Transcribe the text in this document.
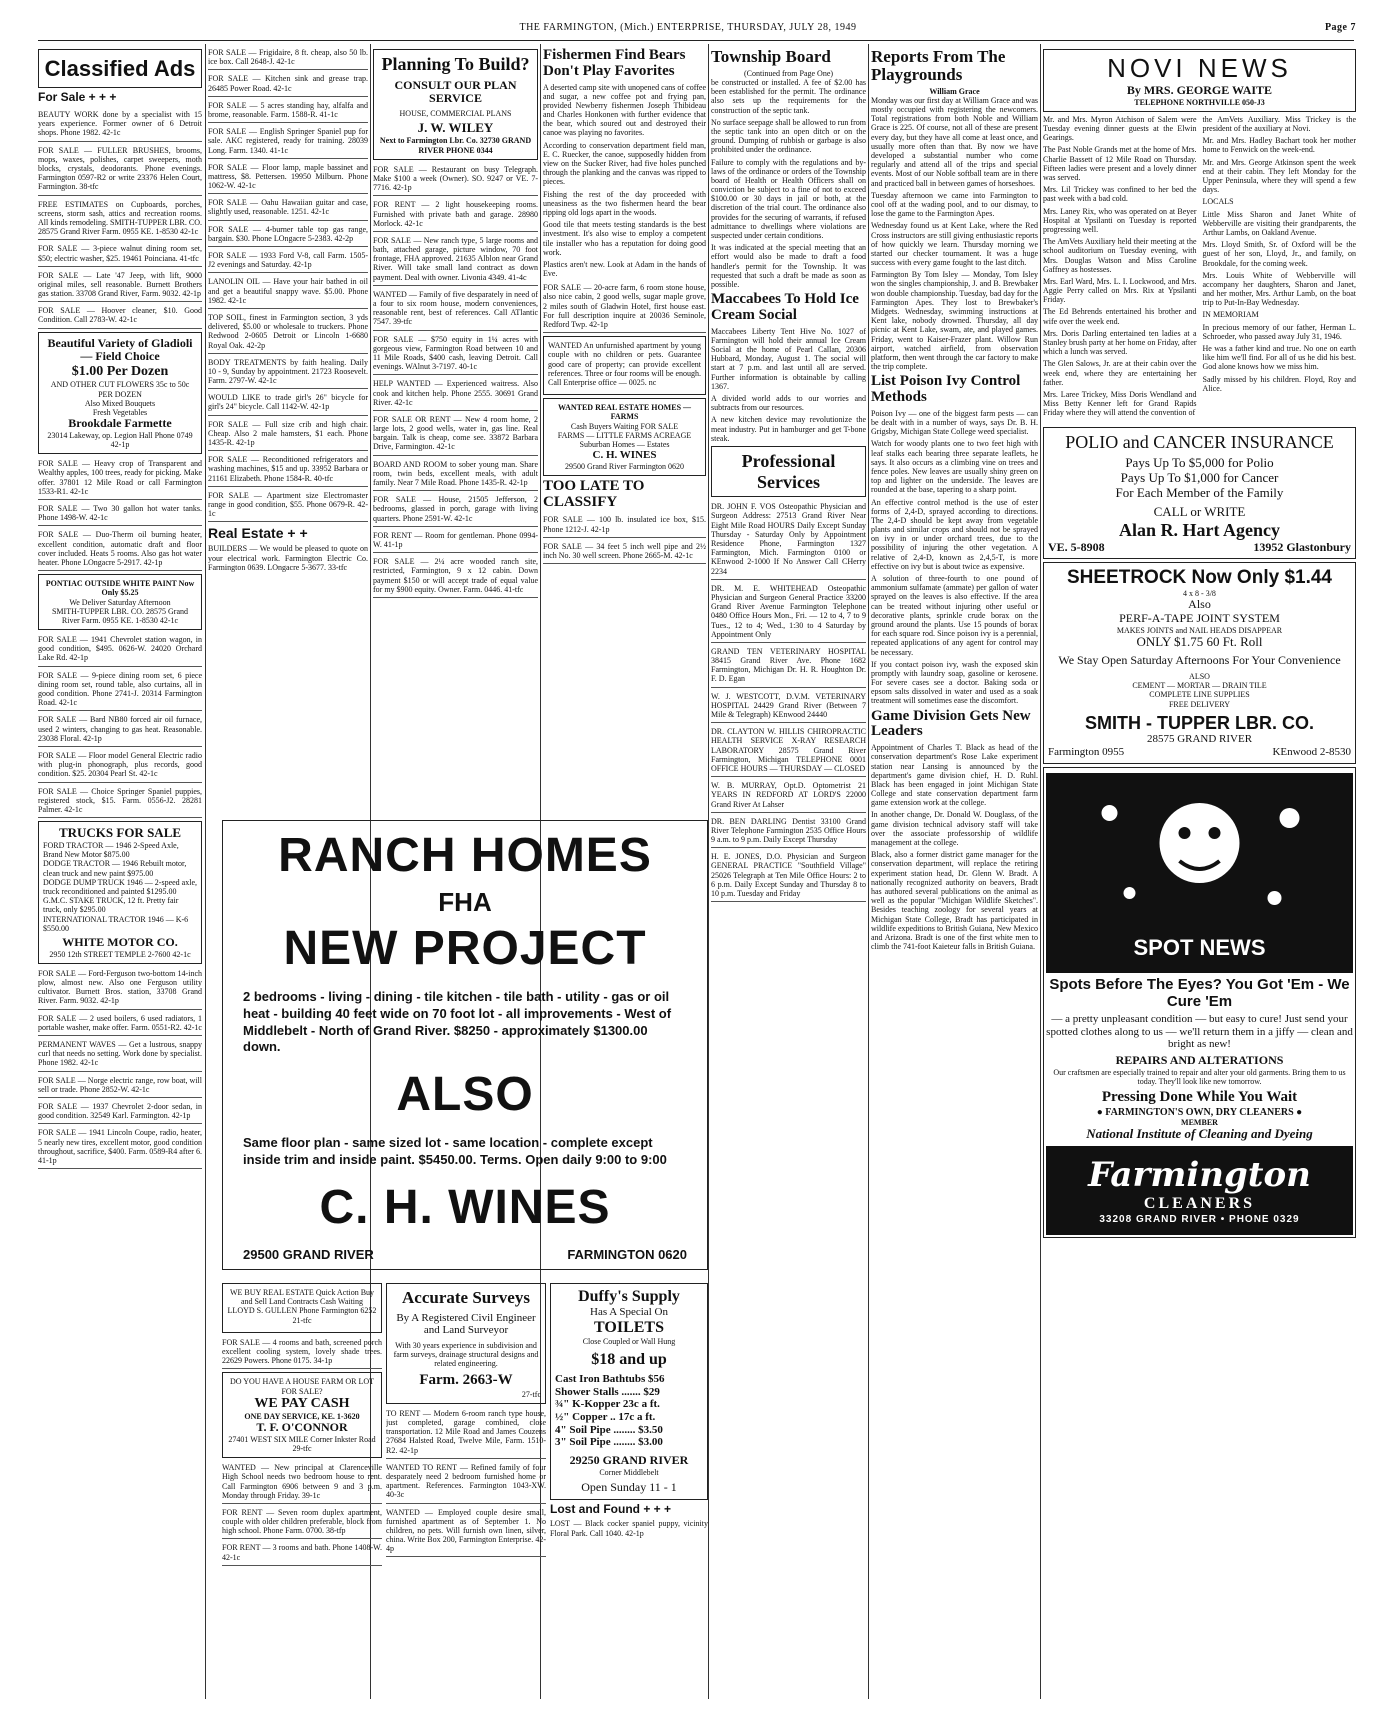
THE FARMINGTON, (Mich.) ENTERPRISE, THURSDAY, JULY 28, 1949	Page 7
Classified Ads
For Sale + + +

BEAUTY WORK done by a specialist with 15 years experience. Former owner of 6 Detroit shops. Phone 1982. 42-1c

FOR SALE — FULLER BRUSHES, brooms, mops, waxes, polishes, carpet sweepers, moth blocks, crystals, deodorants. Phone evenings. Farmington 0597-R2 or write 23376 Helen Court, Farmington. 38-tfc

FREE ESTIMATES on Cupboards, porches, screens, storm sash, attics and recreation rooms. All kinds remodeling. SMITH-TUPPER LBR. CO. 28575 Grand River Farm. 0955 KE. 1-8530 42-1c

FOR SALE — 3-piece walnut dining room set, $50; electric washer, $25. 19461 Poinciana. 41-tfc

FOR SALE — Late '47 Jeep, with lift, 9000 original miles, sell reasonable. Burnett Brothers gas station. 33708 Grand River, Farm. 9032. 42-1p

FOR SALE — Hoover cleaner, $10. Good Condition. Call 2783-W. 42-1c

Beautiful Variety of Gladioli — Field Choice
$1.00 Per Dozen
AND OTHER CUT FLOWERS 35c to 50c PER DOZEN
Also Mixed Bouquets
Fresh Vegetables
Brookdale Farmette
23014 Lakeway, op. Legion Hall Phone 0749 42-1p

FOR SALE — Heavy crop of Transparent and Wealthy apples, 100 trees, ready for picking. Make offer. 37801 12 Mile Road or call Farmington 1533-R1. 42-1c

FOR SALE — Two 30 gallon hot water tanks. Phone 1498-W. 42-1c

FOR SALE — Duo-Therm oil burning heater, excellent condition, automatic draft and floor cover included. Heats 5 rooms. Also gas hot water heater. Phone LOngacre 5-2917. 42-1p

PONTIAC OUTSIDE WHITE PAINT Now Only $5.25
We Deliver Saturday Afternoon
SMITH-TUPPER LBR. CO. 28575 Grand River Farm. 0955 KE. 1-8530 42-1c

FOR SALE — 1941 Chevrolet station wagon, in good condition, $495. 0626-W. 24020 Orchard Lake Rd. 42-1p

FOR SALE — 9-piece dining room set, 6 piece dining room set, round table, also curtains, all in good condition. Phone 2741-J. 20314 Farmington Road. 42-1c

FOR SALE — Bard NB80 forced air oil furnace, used 2 winters, changing to gas heat. Reasonable. 23038 Floral. 42-1p

FOR SALE — Floor model General Electric radio with plug-in phonograph, plus records, good condition. $25. 20304 Pearl St. 42-1c

FOR SALE — Choice Springer Spaniel puppies, registered stock, $15. Farm. 0556-J2. 28281 Palmer. 42-1c

TRUCKS FOR SALE
FORD TRACTOR — 1946 2-Speed Axle, Brand New Motor $875.00
DODGE TRACTOR — 1946 Rebuilt motor, clean truck and new paint $975.00
DODGE DUMP TRUCK 1946 — 2-speed axle, truck reconditioned and painted $1295.00
G.M.C. STAKE TRUCK, 12 ft. Pretty fair truck, only $295.00
INTERNATIONAL TRACTOR 1946 — K-6 $550.00
WHITE MOTOR CO.
2950 12th STREET TEMPLE 2-7600 42-1c

FOR SALE — Ford-Ferguson two-bottom 14-inch plow, almost new. Also one Ferguson utility cultivator. Burnett Bros. station, 33708 Grand River. Farm. 9032. 42-1p

FOR SALE — 2 used boilers, 6 used radiators, 1 portable washer, make offer. Farm. 0551-R2. 42-1c

PERMANENT WAVES — Get a lustrous, snappy curl that needs no setting. Work done by specialist. Phone 1982. 42-1c

FOR SALE — Norge electric range, row boat, will sell or trade. Phone 2852-W. 42-1c

FOR SALE — 1937 Chevrolet 2-door sedan, in good condition. 32549 Karl. Farmington. 42-1p

FOR SALE — 1941 Lincoln Coupe, radio, heater, 5 nearly new tires, excellent motor, good condition throughout, sacrifice, $400. Farm. 0589-R4 after 6. 41-1p

FOR SALE — Frigidaire, 8 ft. cheap, also 50 lb. ice box. Call 2648-J. 42-1c

FOR SALE — Kitchen sink and grease trap. 26485 Power Road. 42-1c

FOR SALE — 5 acres standing hay, alfalfa and brome, reasonable. Farm. 1588-R. 41-1c

FOR SALE — English Springer Spaniel pup for sale. AKC registered, ready for training. 28039 Long. Farm. 1340. 41-1c

FOR SALE — Floor lamp, maple bassinet and mattress, $8. Pettersen. 19950 Milburn. Phone 1062-W. 42-1c

FOR SALE — Oahu Hawaiian guitar and case, slightly used, reasonable. 1251. 42-1c

FOR SALE — 4-burner table top gas range, bargain. $30. Phone LOngacre 5-2383. 42-2p

FOR SALE — 1933 Ford V-8, call Farm. 1505-J2 evenings and Saturday. 42-1p

LANOLIN OIL — Have your hair bathed in oil and get a beautiful snappy wave. $5.00. Phone 1982. 42-1c

TOP SOIL, finest in Farmington section, 3 yds delivered, $5.00 or wholesale to truckers. Phone Redwood 2-0605 Detroit or Lincoln 1-6680 Royal Oak. 42-2p

BODY TREATMENTS by faith healing. Daily 10 - 9, Sunday by appointment. 21723 Roosevelt. Farm. 2797-W. 42-1c

WOULD LIKE to trade girl's 26" bicycle for girl's 24" bicycle. Call 1142-W. 42-1p

FOR SALE — Full size crib and high chair. Cheap. Also 2 male hamsters, $1 each. Phone 1435-R. 42-1p

FOR SALE — Reconditioned refrigerators and washing machines, $15 and up. 33952 Barbara or 21161 Elizabeth. Phone 1584-R. 40-tfc

FOR SALE — Apartment size Electromaster range in good condition, $55. Phone 0679-R. 42-1c

Real Estate + +

BUILDERS — We would be pleased to quote on your electrical work. Farmington Electric Co. Farmington 0639. LOngacre 5-3677. 33-tfc

Planning To Build?
CONSULT OUR PLAN SERVICE
HOUSE, COMMERCIAL PLANS
J. W. WILEY
Next to Farmington Lbr. Co. 32730 GRAND RIVER PHONE 0344

FOR SALE — Restaurant on busy Telegraph. Make $100 a week (Owner). SO. 9247 or VE. 7-7716. 42-1p

FOR RENT — 2 light housekeeping rooms. Furnished with private bath and garage. 28980 Morlock. 42-1c

FOR SALE — New ranch type, 5 large rooms and bath, attached garage, picture window, 70 foot frontage, FHA approved. 21635 Alblon near Grand River. Will take small land contract as down payment. Deal with owner. Livonia 4349. 41-4c

WANTED — Family of five desparately in need of a four to six room house, modern conveniences, reasonable rent, best of references. Call ATlantic 7547. 39-tfc

FOR SALE — $750 equity in 1¼ acres with gorgeous view, Farmington Road between 10 and 11 Mile Roads, $400 cash, leaving Detroit. Call evenings. WAlnut 3-7197. 40-1c

HELP WANTED — Experienced waitress. Also cook and kitchen help. Phone 2555. 30691 Grand River. 42-1c

FOR SALE OR RENT — New 4 room home, 2 large lots, 2 good wells, water in, gas line. Real bargain. Talk is cheap, come see. 33872 Barbara Drive, Farmington. 42-1c

BOARD AND ROOM to sober young man. Share room, twin beds, excellent meals, with adult family. Near 7 Mile Road. Phone 1435-R. 42-1p

FOR SALE — House, 21505 Jefferson, 2 bedrooms, glassed in porch, garage with living quarters. Phone 2591-W. 42-1c

FOR RENT — Room for gentleman. Phone 0994-W. 41-1p

FOR SALE — 2¼ acre wooded ranch site, restricted, Farmington, 9 x 12 cabin. Down payment $150 or will accept trade of equal value for my $900 equity. Owner. Farm. 0446. 41-tfc

Fishermen Find Bears Don't Play Favorites

A deserted camp site with unopened cans of coffee and sugar, a new coffee pot and frying pan, provided Newberry fishermen Joseph Thibideau and Charles Honkonen with further evidence that the bear, which soured out and destroyed their canoe was playing no favorites.

According to conservation department field man, E. C. Ruecker, the canoe, supposedly hidden from view on the Sucker River, had five holes punched through the planking and the canvas was ripped to pieces.

Fishing the rest of the day proceeded with uneasiness as the two fishermen heard the bear ripping old logs apart in the woods.

Good tile that meets testing standards is the best investment. It's also wise to employ a competent tile installer who has a reputation for doing good work.

Plastics aren't new. Look at Adam in the hands of Eve.

FOR SALE — 20-acre farm, 6 room stone house, also nice cabin, 2 good wells, sugar maple grove, 2 miles south of Gladwin Hotel, first house east. For full description inquire at 20036 Seminole, Redford Twp. 42-1p

WANTED An unfurnished apartment by young couple with no children or pets. Guarantee good care of property; can provide excellent references. Three or four rooms will be enough. Call Enterprise office — 0025. nc

WANTED REAL ESTATE HOMES — FARMS
Cash Buyers Waiting FOR SALE
FARMS — LITTLE FARMS ACREAGE
Suburban Homes — Estates
C. H. WINES
29500 Grand River Farmington 0620
TOO LATE TO CLASSIFY

FOR SALE — 100 lb. insulated ice box, $15. Phone 1212-J. 42-1p

FOR SALE — 34 feet 5 inch well pipe and 2½ inch No. 30 well screen. Phone 2665-M. 42-1c

RANCH HOMES
FHA
NEW PROJECT
2 bedrooms - living - dining - tile kitchen - tile bath - utility - gas or oil heat - building 40 feet wide on 70 foot lot - all improvements - West of Middlebelt - North of Grand River. $8250 - approximately $1300.00 down.
ALSO
Same floor plan - same sized lot - same location - complete except inside trim and inside paint. $5450.00. Terms. Open daily 9:00 to 9:00
C. H. WINES
29500 GRAND RIVER	FARMINGTON 0620

WE BUY REAL ESTATE Quick Action Buy and Sell Land Contracts Cash Waiting LLOYD S. GULLEN Phone Farmington 6252 21-tfc

FOR SALE — 4 rooms and bath, screened porch excellent cooling system, lovely shade trees. 22629 Powers. Phone 0175. 34-1p

DO YOU HAVE A HOUSE FARM OR LOT FOR SALE?
WE PAY CASH
ONE DAY SERVICE, KE. 1-3620
T. F. O'CONNOR
27401 WEST SIX MILE Corner Inkster Road 29-tfc

WANTED — New principal at Clarenceville High School needs two bedroom house to rent. Call Farmington 6906 between 9 and 3 p.m. Monday through Friday. 39-1c

FOR RENT — Seven room duplex apartment, couple with older children preferable, block from high school. Phone Farm. 0700. 38-tfp

FOR RENT — 3 rooms and bath. Phone 1408-W. 42-1c

Accurate Surveys
By A Registered Civil Engineer and Land Surveyor
With 30 years experience in subdivision and farm surveys, drainage structural designs and related engineering.
Farm. 2663-W
27-tfc

TO RENT — Modern 6-room ranch type house, just completed, garage combined, close transportation. 12 Mile Road and James Couzens 27684 Halsted Road, Twelve Mile, Farm. 1510-R2. 42-1p

WANTED TO RENT — Refined family of four desparately need 2 bedroom furnished home or apartment. References. Farmington 1043-XW. 40-3c

WANTED — Employed couple desire small, furnished apartment as of September 1. No children, no pets. Will furnish own linen, silver, china. Write Box 200, Farmington Enterprise. 42-4p

Duffy's Supply
Has A Special On
TOILETS
Close Coupled or Wall Hung
$18 and up
Cast Iron Bathtubs $56
Shower Stalls ....... $29
¾" K-Kopper 23c a ft.
½" Copper .. 17c a ft.
4" Soil Pipe ........ $3.50
3" Soil Pipe ........ $3.00
29250 GRAND RIVER
Corner Middlebelt
Open Sunday 11 - 1
Lost and Found + + +

LOST — Black cocker spaniel puppy, vicinity Floral Park. Call 1040. 42-1p

Township Board
(Continued from Page One)

be constructed or installed. A fee of $2.00 has been established for the permit. The ordinance also sets up the requirements for the construction of the septic tank.

No surface seepage shall be allowed to run from the septic tank into an open ditch or on the ground. Dumping of rubbish or garbage is also prohibited under the ordinance.

Failure to comply with the regulations and by-laws of the ordinance or orders of the Township board of Health or Health Officers shall on conviction be subject to a fine of not to exceed $100.00 or 30 days in jail or both, at the discretion of the trial court. The ordinance also provides for the securing of warrants, if refused admittance to dwellings where violations are suspected under certain conditions.

It was indicated at the special meeting that an effort would also be made to draft a food handler's permit for the Township. It was requested that such a draft be made as soon as possible.

Maccabees To Hold Ice Cream Social

Maccabees Liberty Tent Hive No. 1027 of Farmington will hold their annual Ice Cream Social at the home of Pearl Callan, 20306 Hubbard, Monday, August 1. The social will start at 7 p.m. and last until all are served. Further information is obtainable by calling 1367.

A divided world adds to our worries and subtracts from our resources.

A new kitchen device may revolutionize the meat industry. Put in hamburger and get T-bone steak.

Professional Services

DR. JOHN F. VOS Osteopathic Physician and Surgeon Address: 27513 Grand River Near Eight Mile Road HOURS Daily Except Sunday Thursday - Saturday Only by Appointment Residence Phone, Farmington 1327 Farmington, Mich. Farmington 0100 or KEnwood 2-1000 If No Answer Call CHerry 2234

DR. M. E. WHITEHEAD Osteopathic Physician and Surgeon General Practice 33200 Grand River Avenue Farmington Telephone 0480 Office Hours Mon., Fri. — 12 to 4, 7 to 9 Tues., 12 to 4; Wed., 1:30 to 4 Saturday by Appointment Only

GRAND TEN VETERINARY HOSPITAL 38415 Grand River Ave. Phone 1682 Farmington, Michigan Dr. H. R. Houghton Dr. F. D. Egan

W. J. WESTCOTT, D.V.M. VETERINARY HOSPITAL 24429 Grand River (Between 7 Mile & Telegraph) KEnwood 24440

DR. CLAYTON W. HILLIS CHIROPRACTIC HEALTH SERVICE X-RAY RESEARCH LABORATORY 28575 Grand River Farmington, Michigan TELEPHONE 0001 OFFICE HOURS — THURSDAY — CLOSED

W. B. MURRAY, Opt.D. Optometrist 21 YEARS IN REDFORD AT LORD'S 22000 Grand River At Lahser

DR. BEN DARLING Dentist 33100 Grand River Telephone Farmington 2535 Office Hours 9 a.m. to 9 p.m. Daily Except Thursday

H. E. JONES, D.O. Physician and Surgeon GENERAL PRACTICE "Southfield Village" 25026 Telegraph at Ten Mile Office Hours: 2 to 6 p.m. Daily Except Sunday and Thursday 8 to 10 p.m. Tuesday and Friday

Reports From The Playgrounds
William Grace

Monday was our first day at William Grace and was mostly occupied with registering the newcomers. Total registrations from both Noble and William Grace is 225. Of course, not all of these are present every day, but they have all come at least once, and usually more often than that. By now we have developed a substantial number who come regularly and attend all of the trips and special events. Most of our Noble softball team are in there and practiced ball in between games of horseshoes.

Tuesday afternoon we came into Farmington to cool off at the wading pool, and to our dismay, to lose the game to the Farmington Apes.

Wednesday found us at Kent Lake, where the Red Cross instructors are still giving enthusiastic reports of how quickly we learn. Thursday morning we started our checker tournament. It was a huge success with every game fought to the last ditch.

Farmington By Tom Isley — Monday, Tom Isley won the singles championship, J. and B. Brewbaker won double championship. Tuesday, bad day for the Farmington Apes. They lost to Brewbaker's Midgets. Wednesday, swimming instructions at Kent lake, nobody drowned. Thursday, all day picnic at Kent Lake, swam, ate, and played games. Friday, went to Kaiser-Frazer plant. Willow Run airport, watched airfield, from observation platform, then went through the car factory to make the trip complete.

List Poison Ivy Control Methods

Poison Ivy — one of the biggest farm pests — can be dealt with in a number of ways, says Dr. B. H. Grigsby, Michigan State College weed specialist.

Watch for woody plants one to two feet high with leaf stalks each bearing three separate leaflets, he says. It also occurs as a climbing vine on trees and fence poles. New leaves are usually shiny green on top and lighter on the underside. The leaves are rounded at the base, tapering to a sharp point.

An effective control method is the use of ester forms of 2,4-D, sprayed according to directions. The 2,4-D should be kept away from vegetable plants and similar crops and should not be sprayed on ivy in or under orchard trees, due to the possibility of injuring the other vegetation. A relative of 2,4-D, known as 2,4,5-T, is more effective on ivy but is about twice as expensive.

A solution of three-fourth to one pound of ammonium sulfamate (ammate) per gallon of water sprayed on the leaves is also effective. If the area can be treated without injuring other useful or decorative plants, sprinkle crude borax on the ground around the plants. Use 15 pounds of borax for each square rod. Since poison ivy is a perennial, repeated applications of any agent for control may be necessary.

If you contact poison ivy, wash the exposed skin promptly with laundry soap, gasoline or kerosene. For severe cases see a doctor. Baking soda or epsom salts dissolved in water and used as a soak treatment will sometimes ease the discomfort.

Game Division Gets New Leaders

Appointment of Charles T. Black as head of the conservation department's Rose Lake experiment station near Lansing is announced by the department's game division chief, H. D. Ruhl. Black has been engaged in joint Michigan State College and state conservation department farm game extension work at the college.

In another change, Dr. Donald W. Douglass, of the game division technical advisory staff will take over the associate professorship of wildlife management at the college.

Black, also a former district game manager for the conservation department, will replace the retiring experiment station head, Dr. Glenn W. Bradt. A nationally recognized authority on beavers, Bradt has authored several publications on the animal as well as the popular "Michigan Wildlife Sketches". Besides teaching zoology for several years at Michigan State College, Bradt has participated in wildlife expeditions to British Guiana, New Mexico and Arizona. Bradt is one of the first white men to climb the 741-foot Kaieteur falls in British Guiana.

NOVI NEWS
By MRS. GEORGE WAITE
TELEPHONE NORTHVILLE 050-J3

Mr. and Mrs. Myron Atchison of Salem were Tuesday evening dinner guests at the Elwin Gearings.

The Past Noble Grands met at the home of Mrs. Charlie Bassett of 12 Mile Road on Thursday. Fifteen ladies were present and a lovely dinner was served.

Mrs. Lil Trickey was confined to her bed the past week with a bad cold.

Mrs. Laney Rix, who was operated on at Beyer Hospital at Ypsilanti on Tuesday is reported progressing well.

The AmVets Auxiliary held their meeting at the school auditorium on Tuesday evening, with Mrs. Douglas Watson and Miss Caroline Gaffney as hostesses.

Mrs. Earl Ward, Mrs. L. I. Lockwood, and Mrs. Aggie Perry called on Mrs. Rix at Ypsilanti Friday.

The Ed Behrends entertained his brother and wife over the week end.

Mrs. Doris Darling entertained ten ladies at a Stanley brush party at her home on Friday, after which a lunch was served.

The Glen Salows, Jr. are at their cabin over the week end, where they are entertaining her father.

Mrs. Laree Trickey, Miss Doris Wendland and Miss Betty Kenner left for Grand Rapids Friday where they will attend the convention of

the AmVets Auxiliary. Miss Trickey is the president of the auxiliary at Novi.

Mr. and Mrs. Hadley Bachart took her mother home to Fenwick on the week-end.

Mr. and Mrs. George Atkinson spent the week end at their cabin. They left Monday for the Upper Peninsula, where they will spend a few days.

LOCALS

Little Miss Sharon and Janet White of Webberville are visiting their grandparents, the Arthur Lambs, on Oakland Avenue.

Mrs. Lloyd Smith, Sr. of Oxford will be the guest of her son, Lloyd, Jr., and family, on Brookdale, for the coming week.

Mrs. Louis White of Webberville will accompany her daughters, Sharon and Janet, and her mother, Mrs. Arthur Lamb, on the boat trip to Put-In-Bay Wednesday.

IN MEMORIAM

In precious memory of our father, Herman L. Schroeder, who passed away July 31, 1946.

He was a father kind and true. No one on earth like him we'll find. For all of us he did his best. God alone knows how we miss him.

Sadly missed by his children. Floyd, Roy and Alice.

POLIO and CANCER INSURANCE
Pays Up To $5,000 for Polio
Pays Up To $1,000 for Cancer
For Each Member of the Family
CALL or WRITE
Alan R. Hart Agency
VE. 5-8908	13952 Glastonbury
SHEETROCK Now Only $1.44
4 x 8 - 3/8
Also
PERF-A-TAPE JOINT SYSTEM
MAKES JOINTS and NAIL HEADS DISAPPEAR
ONLY $1.75 60 Ft. Roll
We Stay Open Saturday Afternoons For Your Convenience
ALSO
CEMENT — MORTAR — DRAIN TILE
COMPLETE LINE SUPPLIES
FREE DELIVERY
SMITH - TUPPER LBR. CO.
28575 GRAND RIVER
Farmington 0955	KEnwood 2-8530
SPOT NEWS
Spots Before The Eyes? You Got 'Em - We Cure 'Em
— a pretty unpleasant condition — but easy to cure! Just send your spotted clothes along to us — we'll return them in a jiffy — clean and bright as new!
REPAIRS AND ALTERATIONS
Our craftsmen are especially trained to repair and alter your old garments. Bring them to us today. They'll look like new tomorrow.
Pressing Done While You Wait
● FARMINGTON'S OWN, DRY CLEANERS ●
MEMBER
National Institute of Cleaning and Dyeing
Farmington
CLEANERS
33208 GRAND RIVER • PHONE 0329
